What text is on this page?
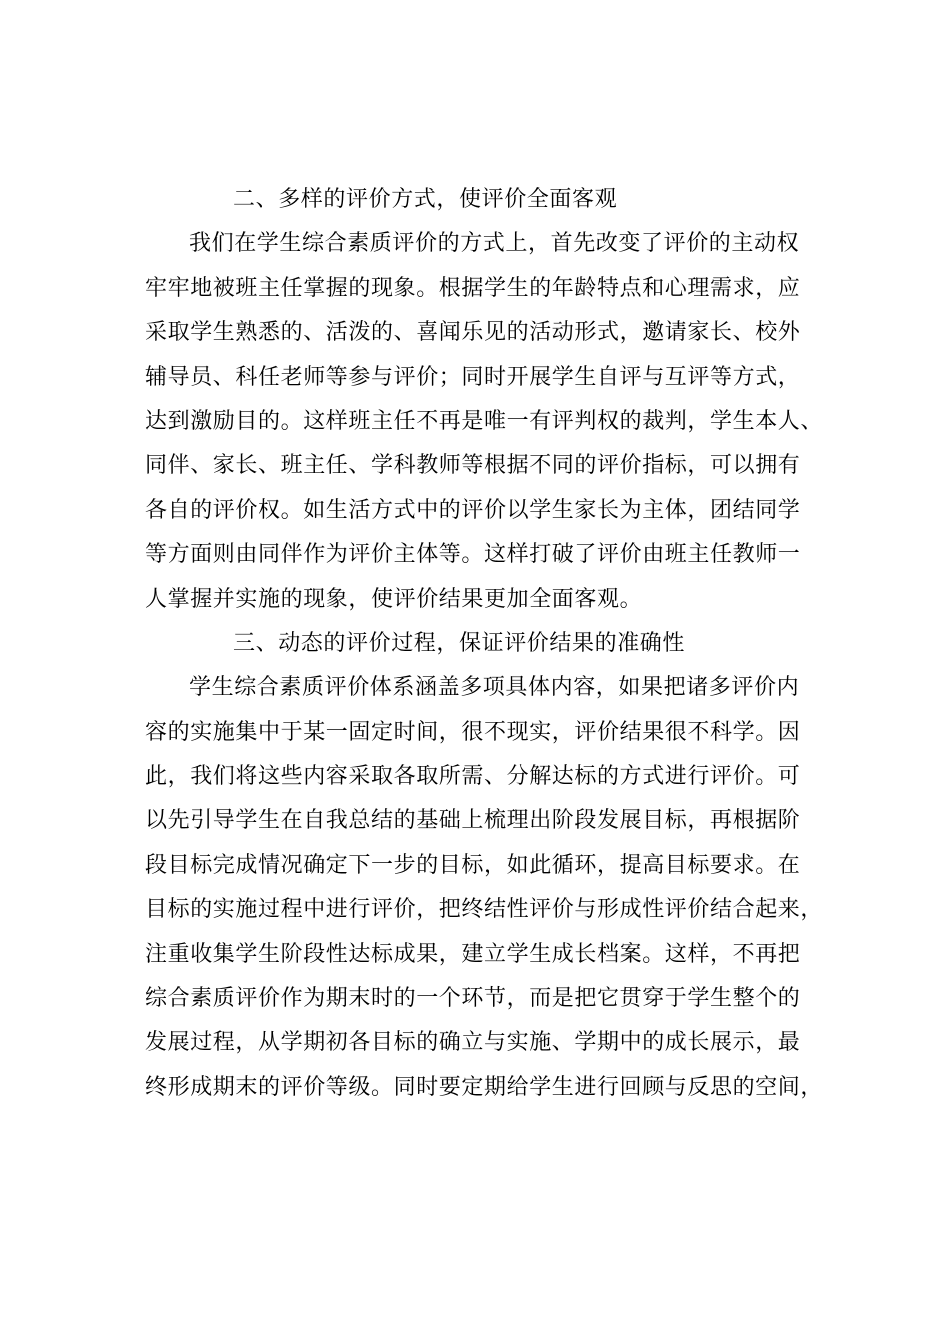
二、多样的评价方式，使评价全面客观
我们在学生综合素质评价的方式上，首先改变了评价的主动权
牢牢地被班主任掌握的现象。根据学生的年龄特点和心理需求，应
采取学生熟悉的、活泼的、喜闻乐见的活动形式，邀请家长、校外
辅导员、科任老师等参与评价；同时开展学生自评与互评等方式，
达到激励目的。这样班主任不再是唯一有评判权的裁判，学生本人、
同伴、家长、班主任、学科教师等根据不同的评价指标，可以拥有
各自的评价权。如生活方式中的评价以学生家长为主体，团结同学
等方面则由同伴作为评价主体等。这样打破了评价由班主任教师一
人掌握并实施的现象，使评价结果更加全面客观。
三、动态的评价过程，保证评价结果的准确性
学生综合素质评价体系涵盖多项具体内容，如果把诸多评价内
容的实施集中于某一固定时间，很不现实，评价结果很不科学。因
此，我们将这些内容采取各取所需、分解达标的方式进行评价。可
以先引导学生在自我总结的基础上梳理出阶段发展目标，再根据阶
段目标完成情况确定下一步的目标，如此循环，提高目标要求。在
目标的实施过程中进行评价，把终结性评价与形成性评价结合起来，
注重收集学生阶段性达标成果，建立学生成长档案。这样，不再把
综合素质评价作为期末时的一个环节，而是把它贯穿于学生整个的
发展过程，从学期初各目标的确立与实施、学期中的成长展示，最
终形成期末的评价等级。同时要定期给学生进行回顾与反思的空间，
